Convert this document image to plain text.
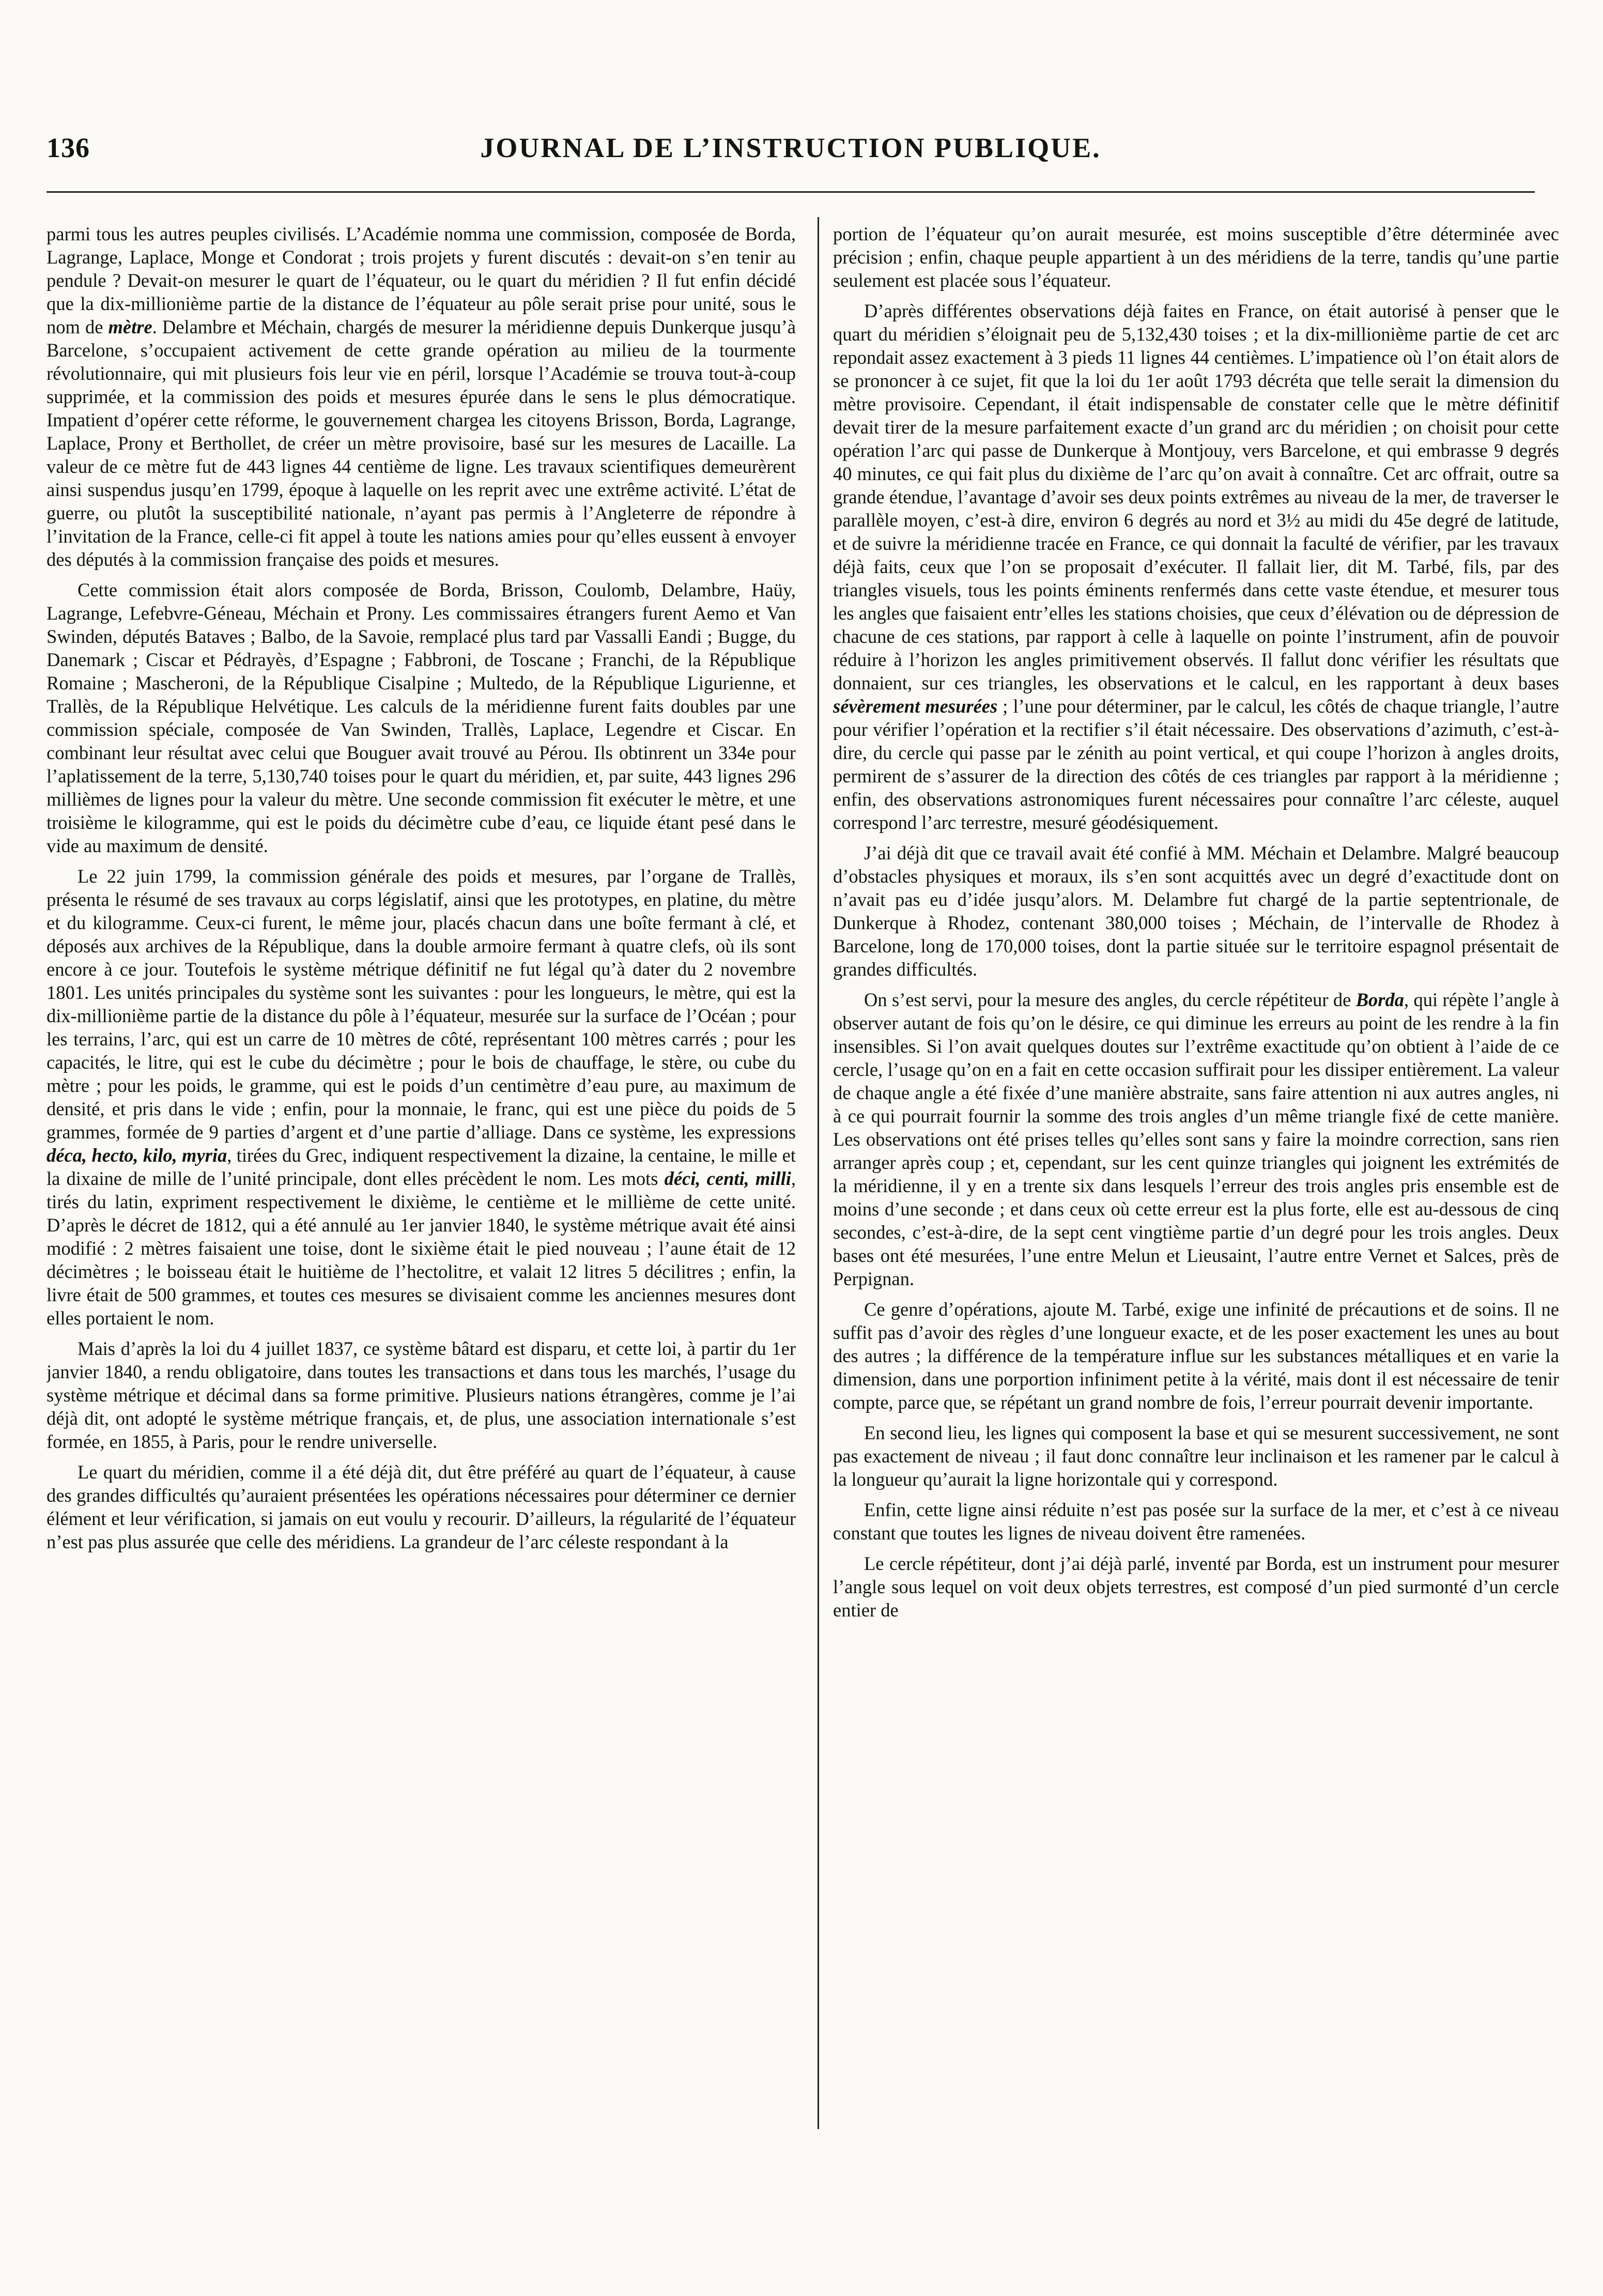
136	JOURNAL DE L’INSTRUCTION PUBLIQUE.

parmi tous les autres peuples civilisés. L’Académie nomma une commission, composée de Borda, Lagrange, Laplace, Monge et Condorat ; trois projets y furent discutés : devait-on s’en tenir au pendule ? Devait-on mesurer le quart de l’équateur, ou le quart du méridien ? Il fut enfin décidé que la dix-millionième partie de la distance de l’équateur au pôle serait prise pour unité, sous le nom de mètre. Delambre et Méchain, chargés de mesurer la méridienne depuis Dunkerque jusqu’à Barcelone, s’occupaient activement de cette grande opération au milieu de la tourmente révolutionnaire, qui mit plusieurs fois leur vie en péril, lorsque l’Académie se trouva tout-à-coup supprimée, et la commission des poids et mesures épurée dans le sens le plus démocratique. Impatient d’opérer cette réforme, le gouvernement chargea les citoyens Brisson, Borda, Lagrange, Laplace, Prony et Berthollet, de créer un mètre provisoire, basé sur les mesures de Lacaille. La valeur de ce mètre fut de 443 lignes 44 centième de ligne. Les travaux scientifiques demeurèrent ainsi suspendus jusqu’en 1799, époque à laquelle on les reprit avec une extrême activité. L’état de guerre, ou plutôt la susceptibilité nationale, n’ayant pas permis à l’Angleterre de répondre à l’invitation de la France, celle-ci fit appel à toute les nations amies pour qu’elles eussent à envoyer des députés à la commission française des poids et mesures.

Cette commission était alors composée de Borda, Brisson, Coulomb, Delambre, Haüy, Lagrange, Lefebvre-Géneau, Méchain et Prony. Les commissaires étrangers furent Aemo et Van Swinden, députés Bataves ; Balbo, de la Savoie, remplacé plus tard par Vassalli Eandi ; Bugge, du Danemark ; Ciscar et Pédrayès, d’Espagne ; Fabbroni, de Toscane ; Franchi, de la République Romaine ; Mascheroni, de la République Cisalpine ; Multedo, de la République Ligurienne, et Trallès, de la République Helvétique. Les calculs de la méridienne furent faits doubles par une commission spéciale, composée de Van Swinden, Trallès, Laplace, Legendre et Ciscar. En combinant leur résultat avec celui que Bouguer avait trouvé au Pérou. Ils obtinrent un 334e pour l’aplatissement de la terre, 5,130,740 toises pour le quart du méridien, et, par suite, 443 lignes 296 millièmes de lignes pour la valeur du mètre. Une seconde commission fit exécuter le mètre, et une troisième le kilogramme, qui est le poids du décimètre cube d’eau, ce liquide étant pesé dans le vide au maximum de densité.

Le 22 juin 1799, la commission générale des poids et mesures, par l’organe de Trallès, présenta le résumé de ses travaux au corps législatif, ainsi que les prototypes, en platine, du mètre et du kilogramme. Ceux-ci furent, le même jour, placés chacun dans une boîte fermant à clé, et déposés aux archives de la République, dans la double armoire fermant à quatre clefs, où ils sont encore à ce jour. Toutefois le système métrique définitif ne fut légal qu’à dater du 2 novembre 1801. Les unités principales du système sont les suivantes : pour les longueurs, le mètre, qui est la dix-millionième partie de la distance du pôle à l’équateur, mesurée sur la surface de l’Océan ; pour les terrains, l’arc, qui est un carre de 10 mètres de côté, représentant 100 mètres carrés ; pour les capacités, le litre, qui est le cube du décimètre ; pour le bois de chauffage, le stère, ou cube du mètre ; pour les poids, le gramme, qui est le poids d’un centimètre d’eau pure, au maximum de densité, et pris dans le vide ; enfin, pour la monnaie, le franc, qui est une pièce du poids de 5 grammes, formée de 9 parties d’argent et d’une partie d’alliage. Dans ce système, les expressions déca, hecto, kilo, myria, tirées du Grec, indiquent respectivement la dizaine, la centaine, le mille et la dixaine de mille de l’unité principale, dont elles précèdent le nom. Les mots déci, centi, milli, tirés du latin, expriment respectivement le dixième, le centième et le millième de cette unité. D’après le décret de 1812, qui a été annulé au 1er janvier 1840, le système métrique avait été ainsi modifié : 2 mètres faisaient une toise, dont le sixième était le pied nouveau ; l’aune était de 12 décimètres ; le boisseau était le huitième de l’hectolitre, et valait 12 litres 5 décilitres ; enfin, la livre était de 500 grammes, et toutes ces mesures se divisaient comme les anciennes mesures dont elles portaient le nom.

Mais d’après la loi du 4 juillet 1837, ce système bâtard est disparu, et cette loi, à partir du 1er janvier 1840, a rendu obligatoire, dans toutes les transactions et dans tous les marchés, l’usage du système métrique et décimal dans sa forme primitive. Plusieurs nations étrangères, comme je l’ai déjà dit, ont adopté le système métrique français, et, de plus, une association internationale s’est formée, en 1855, à Paris, pour le rendre universelle.

Le quart du méridien, comme il a été déjà dit, dut être préféré au quart de l’équateur, à cause des grandes difficultés qu’auraient présentées les opérations nécessaires pour déterminer ce dernier élément et leur vérification, si jamais on eut voulu y recourir. D’ailleurs, la régularité de l’équateur n’est pas plus assurée que celle des méridiens. La grandeur de l’arc céleste respondant à la

portion de l’équateur qu’on aurait mesurée, est moins susceptible d’être déterminée avec précision ; enfin, chaque peuple appartient à un des méridiens de la terre, tandis qu’une partie seulement est placée sous l’équateur.

D’après différentes observations déjà faites en France, on était autorisé à penser que le quart du méridien s’éloignait peu de 5,132,430 toises ; et la dix-millionième partie de cet arc repondait assez exactement à 3 pieds 11 lignes 44 centièmes. L’impatience où l’on était alors de se prononcer à ce sujet, fit que la loi du 1er août 1793 décréta que telle serait la dimension du mètre provisoire. Cependant, il était indispensable de constater celle que le mètre définitif devait tirer de la mesure parfaitement exacte d’un grand arc du méridien ; on choisit pour cette opération l’arc qui passe de Dunkerque à Montjouy, vers Barcelone, et qui embrasse 9 degrés 40 minutes, ce qui fait plus du dixième de l’arc qu’on avait à connaître. Cet arc offrait, outre sa grande étendue, l’avantage d’avoir ses deux points extrêmes au niveau de la mer, de traverser le parallèle moyen, c’est-à dire, environ 6 degrés au nord et 3½ au midi du 45e degré de latitude, et de suivre la méridienne tracée en France, ce qui donnait la faculté de vérifier, par les travaux déjà faits, ceux que l’on se proposait d’exécuter. Il fallait lier, dit M. Tarbé, fils, par des triangles visuels, tous les points éminents renfermés dans cette vaste étendue, et mesurer tous les angles que faisaient entr’elles les stations choisies, que ceux d’élévation ou de dépression de chacune de ces stations, par rapport à celle à laquelle on pointe l’instrument, afin de pouvoir réduire à l’horizon les angles primitivement observés. Il fallut donc vérifier les résultats que donnaient, sur ces triangles, les observations et le calcul, en les rapportant à deux bases sévèrement mesurées ; l’une pour déterminer, par le calcul, les côtés de chaque triangle, l’autre pour vérifier l’opération et la rectifier s’il était nécessaire. Des observations d’azimuth, c’est-à-dire, du cercle qui passe par le zénith au point vertical, et qui coupe l’horizon à angles droits, permirent de s’assurer de la direction des côtés de ces triangles par rapport à la méridienne ; enfin, des observations astronomiques furent nécessaires pour connaître l’arc céleste, auquel correspond l’arc terrestre, mesuré géodésiquement.

J’ai déjà dit que ce travail avait été confié à MM. Méchain et Delambre. Malgré beaucoup d’obstacles physiques et moraux, ils s’en sont acquittés avec un degré d’exactitude dont on n’avait pas eu d’idée jusqu’alors. M. Delambre fut chargé de la partie septentrionale, de Dunkerque à Rhodez, contenant 380,000 toises ; Méchain, de l’intervalle de Rhodez à Barcelone, long de 170,000 toises, dont la partie située sur le territoire espagnol présentait de grandes difficultés.

On s’est servi, pour la mesure des angles, du cercle répétiteur de Borda, qui répète l’angle à observer autant de fois qu’on le désire, ce qui diminue les erreurs au point de les rendre à la fin insensibles. Si l’on avait quelques doutes sur l’extrême exactitude qu’on obtient à l’aide de ce cercle, l’usage qu’on en a fait en cette occasion suffirait pour les dissiper entièrement. La valeur de chaque angle a été fixée d’une manière abstraite, sans faire attention ni aux autres angles, ni à ce qui pourrait fournir la somme des trois angles d’un même triangle fixé de cette manière. Les observations ont été prises telles qu’elles sont sans y faire la moindre correction, sans rien arranger après coup ; et, cependant, sur les cent quinze triangles qui joignent les extrémités de la méridienne, il y en a trente six dans lesquels l’erreur des trois angles pris ensemble est de moins d’une seconde ; et dans ceux où cette erreur est la plus forte, elle est au-dessous de cinq secondes, c’est-à-dire, de la sept cent vingtième partie d’un degré pour les trois angles. Deux bases ont été mesurées, l’une entre Melun et Lieusaint, l’autre entre Vernet et Salces, près de Perpignan.

Ce genre d’opérations, ajoute M. Tarbé, exige une infinité de précautions et de soins. Il ne suffit pas d’avoir des règles d’une longueur exacte, et de les poser exactement les unes au bout des autres ; la différence de la température influe sur les substances métalliques et en varie la dimension, dans une porportion infiniment petite à la vérité, mais dont il est nécessaire de tenir compte, parce que, se répétant un grand nombre de fois, l’erreur pourrait devenir importante.

En second lieu, les lignes qui composent la base et qui se mesurent successivement, ne sont pas exactement de niveau ; il faut donc connaître leur inclinaison et les ramener par le calcul à la longueur qu’aurait la ligne horizontale qui y correspond.

Enfin, cette ligne ainsi réduite n’est pas posée sur la surface de la mer, et c’est à ce niveau constant que toutes les lignes de niveau doivent être ramenées.

Le cercle répétiteur, dont j’ai déjà parlé, inventé par Borda, est un instrument pour mesurer l’angle sous lequel on voit deux objets terrestres, est composé d’un pied surmonté d’un cercle entier de
